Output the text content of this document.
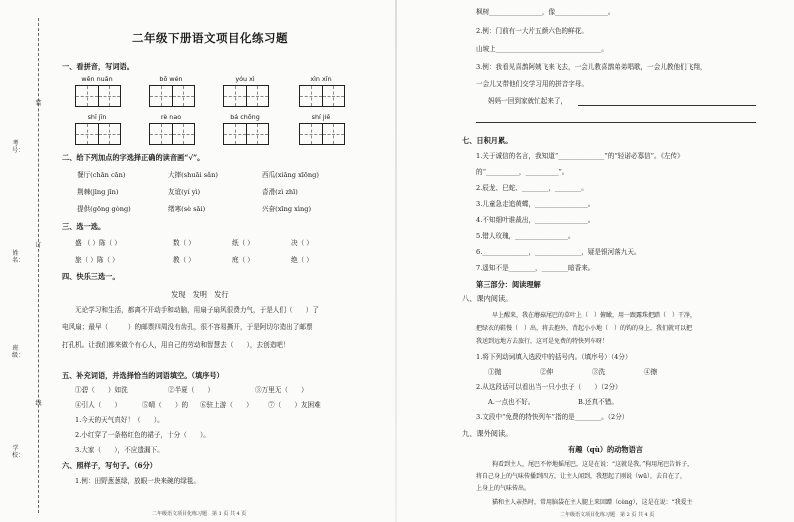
装
订
线
考号：
姓名：
班级：
学校：
二年级下册语文项目化练习题
一、看拼音，写词语。
wēn nuǎn	bō wén	yóu xì	xìn xīn
shī jīn	rè nao	bá chōng	shí jiě
二、给下列加点的字选择正确的读音画“√”。
餐厅(chān cān)	大摔(shuāi sǎn)	西瓜(xiāng xīōng)
荆棘(jīng jīn)	友谊(yí yì)	沓滑(zì zhī)
提供(gōng gòng)	绪寒(sè sāi)	兴奋(xīng xìng)
三、选一选。
盛 （ ）陈（ ）	数（ ）	纸（ ）	决（ ）
旅（ ）陈（ ）	教（ ）	庭（ ）	绝（ ）
四、快乐三选一。
发现　发明　发行
无论学习和生活，都离不开动手和动脑，用扇子扇风很费力气，于是人们（　　）了
电风扇；最早（　　　）的邮票四周没有齿孔，很不容易撕开，于是阿切尔造出了邮票
打孔机。让我们都来做个有心人，用自己的劳动和智慧去（　　），去创造吧！
五、补充词语，并选择恰当的词语填空。（填序号）
①碧（　　）如洗	②半夏（　　）	③万里无（　　）
④引人（　　）	⑤晴（　　）的 ⑥驻上游（　　） ⑦（　　）友困难
1.今天的天气真好！（　　）。
2.小红穿了一条格红色的裙子，十分（　　）。
3.大家（　　），不应遗漏下。
六、照样子，写句子。（6分）
1.例：田野葱葱绿，放眼一块来碗的绿毯。
二年级语文项目化练习题　第 1 页 共 4 页
枫树________________，像________________。
2.例：门前有一大片五颜六色的鲜花。
山坡上________________________________。
3.例：我看见喜鹊阿姨飞来飞去，一会儿教喜鹊弟弟唱歌，一会儿教他们飞翔，
一会儿又带他们交学习用的拼音字母。
妈妈一回到家就忙起来了，
七、日积月累。
1.关于诚信的名言，我知道“______________”的“轻诺必寡信”。《左传》
的“__________，__________”。
2.辰龙、巳蛇、________，________。
3.儿童急走追黄蝶，________________。
4.不知细叶谁裁出，________________。
5.错人玫瑰，________________。
6.______________，______________，疑是银河落九天。
7.遥知不是________，________暗香来。
第三部分：阅读理解
八、课内阅读。
早上醒来，我在蘑菇尾巴的草叶上（　）俯瞰，用一跟露珠把踏（　）干净，
把绿衣的鞋慢（　）出，将去抱外，背起小小地（　）的钩的身上，我们就可以把
我送到远地方去旅行，这可是免费的特快列车呀！
1.将下列动词填入选段中的括号内。（填序号）（4分）
①抛	②伸	③洗	④擦
2.从这段话可以看出当一只小虫子（　　）（2分）
A.一点也不好。	B.还真不错。
3.文段中“免费的特快列车”指的是________。（2分）
九、课外阅读。
有趣（qù）的动物语言
狗看到主人，尾巴不停地摇尾巴，这是在说：“这就是我。”狗用尾巴告诉子，
将自己身上的气味传播到四方，让主人闻到，我想起了刚说（wū），去自在了，
上身上的气味传出。
猫和主人亲热时，常用脑袋在主人腿上来回蹭（cèng），这是在说：“我爱主
二年级语文项目化练习题　第 2 页 共 4 页
